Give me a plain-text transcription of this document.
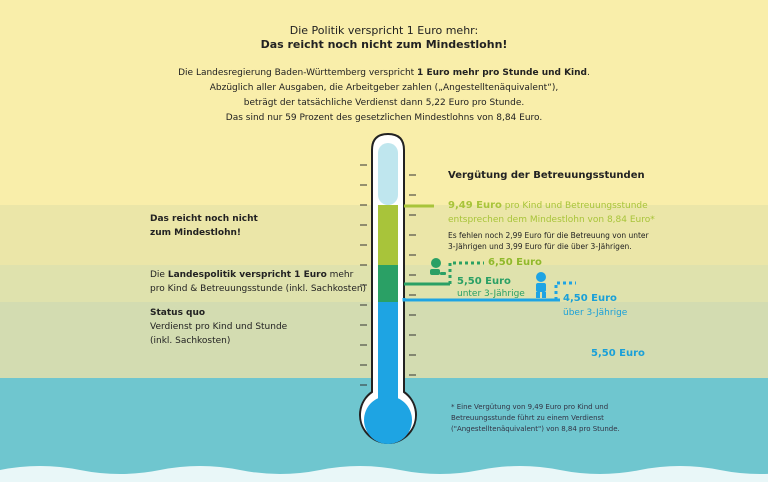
Die Politik verspricht 1 Euro mehr:

Das reicht noch nicht zum Mindestlohn!

Die Landesregierung Baden-Württemberg verspricht 1 Euro mehr pro Stunde und Kind.
Abzüglich aller Ausgaben, die Arbeitgeber zahlen („Angestelltenäquivalent“),
beträgt der tatsächliche Verdienst dann 5,22 Euro pro Stunde.
Das sind nur 59 Prozent des gesetzlichen Mindestlohns von 8,84 Euro.
Das reicht noch nicht
zum Mindestlohn!
Die Landespolitik verspricht 1 Euro mehr
pro Kind & Betreuungsstunde (inkl. Sachkosten)
Status quo
Verdienst pro Kind und Stunde
(inkl. Sachkosten)
Vergütung der Betreuungsstunden
9,49 Euro pro Kind und Betreuungsstunde
entsprechen dem Mindestlohn von 8,84 Euro*
Es fehlen noch 2,99 Euro für die Betreuung von unter
3-Jährigen und 3,99 Euro für die über 3-Jährigen.
6,50 Euro
5,50 Euro
unter 3-Jährige	4,50 Euro
über 3-Jährige
5,50 Euro
* Eine Vergütung von 9,49 Euro pro Kind und
Betreuungsstunde führt zu einem Verdienst
("Angestelltenäquivalent") von 8,84 pro Stunde.
